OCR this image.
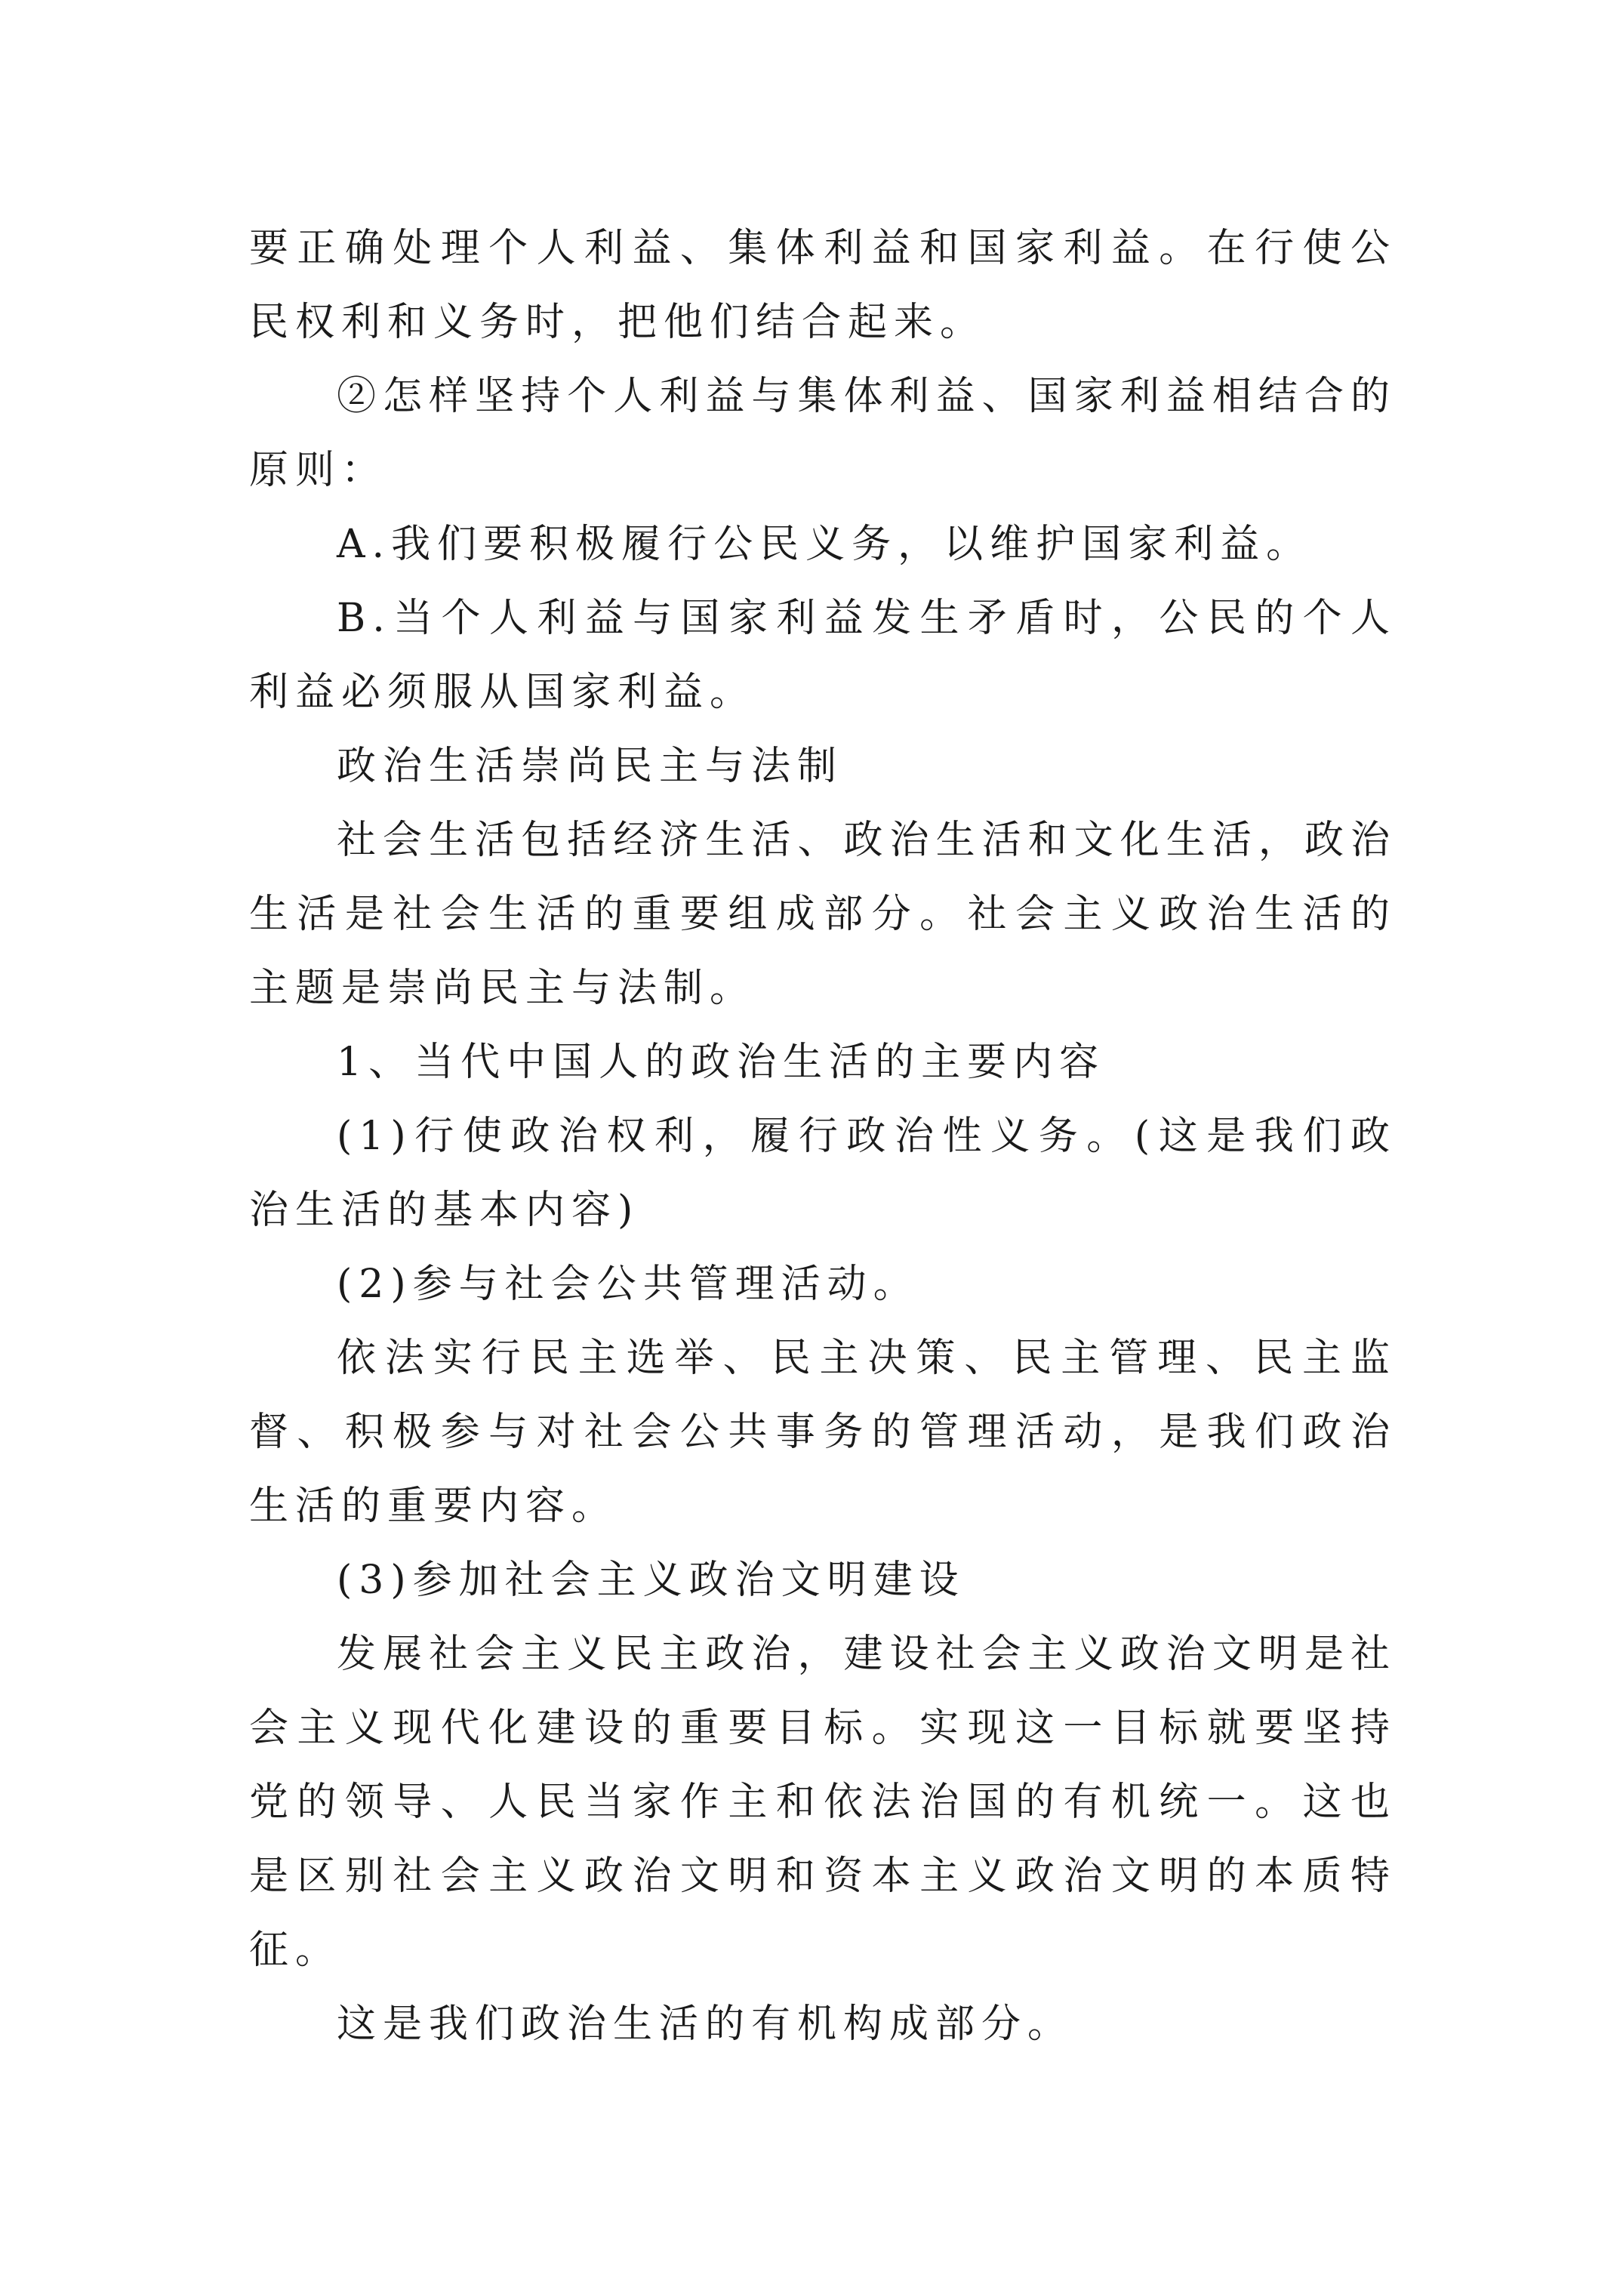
要正确处理个人利益、集体利益和国家利益。在行使公民权利和义务时，把他们结合起来。

②怎样坚持个人利益与集体利益、国家利益相结合的原则：

A.我们要积极履行公民义务，以维护国家利益。

B.当个人利益与国家利益发生矛盾时，公民的个人利益必须服从国家利益。

政治生活崇尚民主与法制

社会生活包括经济生活、政治生活和文化生活，政治生活是社会生活的重要组成部分。社会主义政治生活的主题是崇尚民主与法制。

1、当代中国人的政治生活的主要内容

(1)行使政治权利，履行政治性义务。(这是我们政治生活的基本内容)

(2)参与社会公共管理活动。

依法实行民主选举、民主决策、民主管理、民主监督、积极参与对社会公共事务的管理活动，是我们政治生活的重要内容。

(3)参加社会主义政治文明建设

发展社会主义民主政治，建设社会主义政治文明是社会主义现代化建设的重要目标。实现这一目标就要坚持党的领导、人民当家作主和依法治国的有机统一。这也是区别社会主义政治文明和资本主义政治文明的本质特征。

这是我们政治生活的有机构成部分。
